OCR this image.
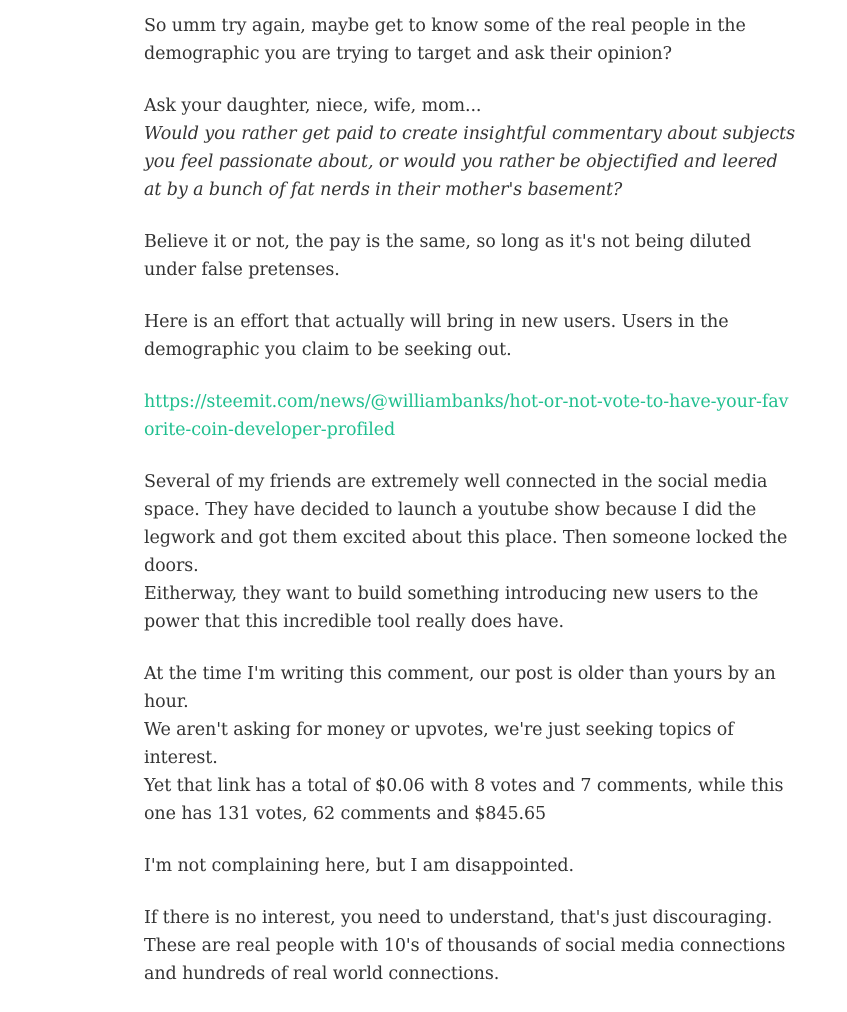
So umm try again, maybe get to know some of the real people in the demographic you are trying to target and ask their opinion?

Ask your daughter, niece, wife, mom...
Would you rather get paid to create insightful commentary about subjects you feel passionate about, or would you rather be objectified and leered at by a bunch of fat nerds in their mother's basement?

Believe it or not, the pay is the same, so long as it's not being diluted under false pretenses.

Here is an effort that actually will bring in new users. Users in the demographic you claim to be seeking out.

https://steemit.com/news/@williambanks/hot-or-not-vote-to-have-your-favorite-coin-developer-profiled

Several of my friends are extremely well connected in the social media space. They have decided to launch a youtube show because I did the legwork and got them excited about this place. Then someone locked the doors.
Eitherway, they want to build something introducing new users to the power that this incredible tool really does have.

At the time I'm writing this comment, our post is older than yours by an hour.
We aren't asking for money or upvotes, we're just seeking topics of interest.
Yet that link has a total of $0.06 with 8 votes and 7 comments, while this one has 131 votes, 62 comments and $845.65

I'm not complaining here, but I am disappointed.

If there is no interest, you need to understand, that's just discouraging.
These are real people with 10's of thousands of social media connections and hundreds of real world connections.
